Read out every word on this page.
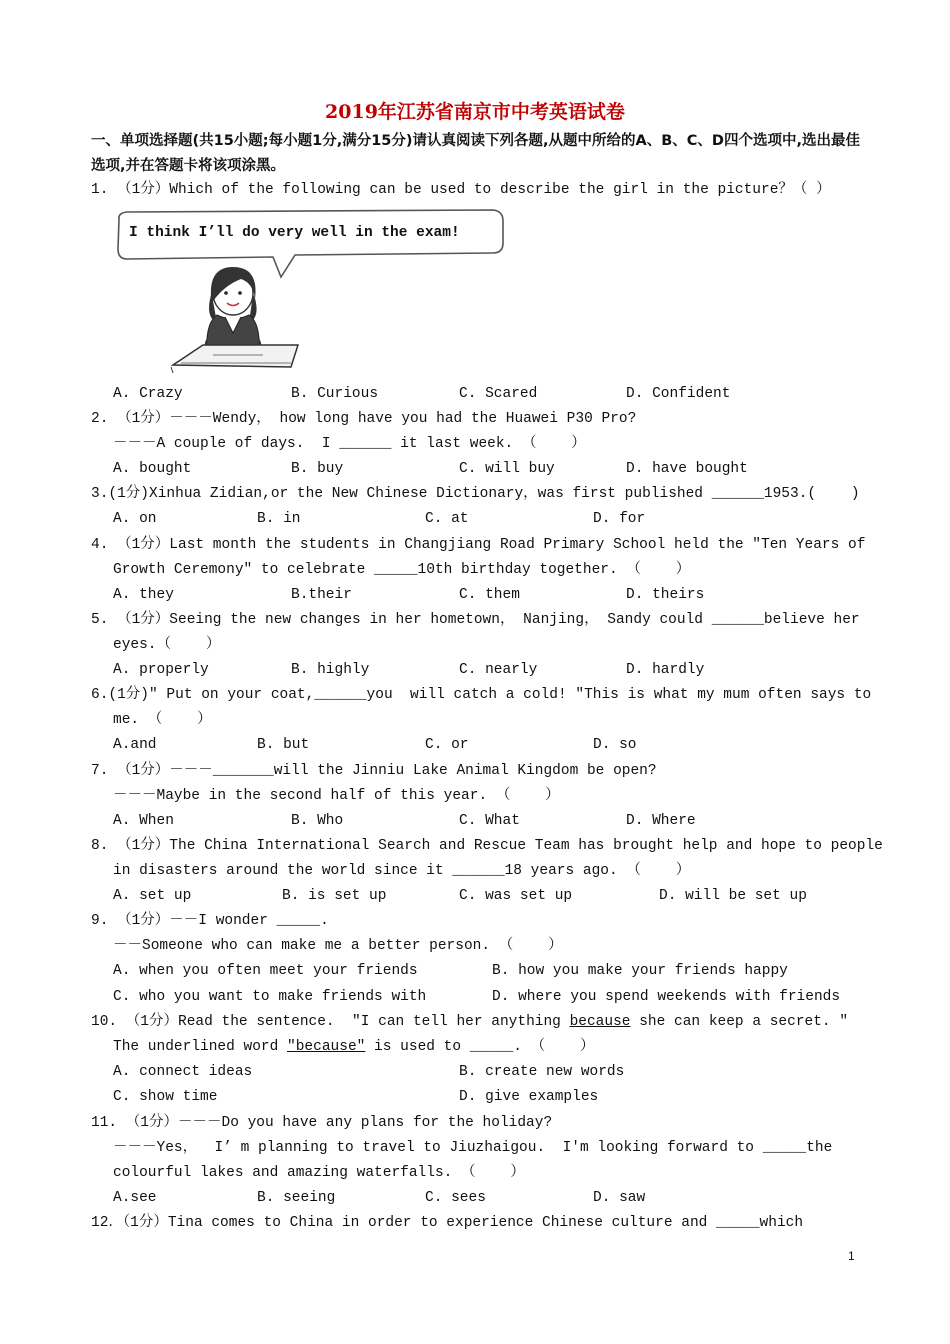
2019年江苏省南京市中考英语试卷
一、单项选择题(共15小题;每小题1分,满分15分)请认真阅读下列各题,从题中所给的A、B、C、D四个选项中,选出最佳选项,并在答题卡将该项涂黑。
1. （1分）Which of the following can be used to describe the girl in the picture？（ ）
I think I’ll do very well in the exam!
A. Crazy	B. Curious	C. Scared	D. Confident
2. （1分）－－－Wendy， how long have you had the Huawei P30 Pro?
－－－A couple of days.  I ______ it last week. （    ）
A. bought	B. buy	C. will buy	D. have bought
3.(1分)Xinhua Zidian,or the New Chinese Dictionary，was first published ______1953.(    )
A. on	B. in	C. at	D. for
4. （1分）Last month the students in Changjiang Road Primary School held the "Ten Years of
Growth Ceremony" to celebrate _____10th birthday together. （    ）
A. they	B.their	C. them	D. theirs
5. （1分）Seeing the new changes in her hometown， Nanjing， Sandy could ______believe her
eyes.（    ）
A. properly	B. highly	C. nearly	D. hardly
6.(1分)" Put on your coat,______you  will catch a cold! "This is what my mum often says to
me. （    ）
A.and	B. but	C. or	D. so
7. （1分）－－－_______will the Jinniu Lake Animal Kingdom be open?
－－－Maybe in the second half of this year. （    ）
A. When	B. Who	C. What	D. Where
8. （1分）The China International Search and Rescue Team has brought help and hope to people
in disasters around the world since it ______18 years ago. （    ）
A. set up	B. is set up	C. was set up	D. will be set up
9. （1分）－－I wonder _____.
－－Someone who can make me a better person. （    ）
A. when you often meet your friends	B. how you make your friends happy
C. who you want to make friends with	D. where you spend weekends with friends
10. （1分）Read the sentence.  "I can tell her anything because she can keep a secret. "
The underlined word "because" is used to _____. （    ）
A. connect ideas	B. create new words
C. show time	D. give examples
11. （1分）－－－Do you have any plans for the holiday?
－－－Yes，  I’ m planning to travel to Jiuzhaigou.  I'm looking forward to _____the
colourful lakes and amazing waterfalls. （    ）
A.see	B. seeing	C. sees	D. saw
12．（1分）Tina comes to China in order to experience Chinese culture and _____which
1
